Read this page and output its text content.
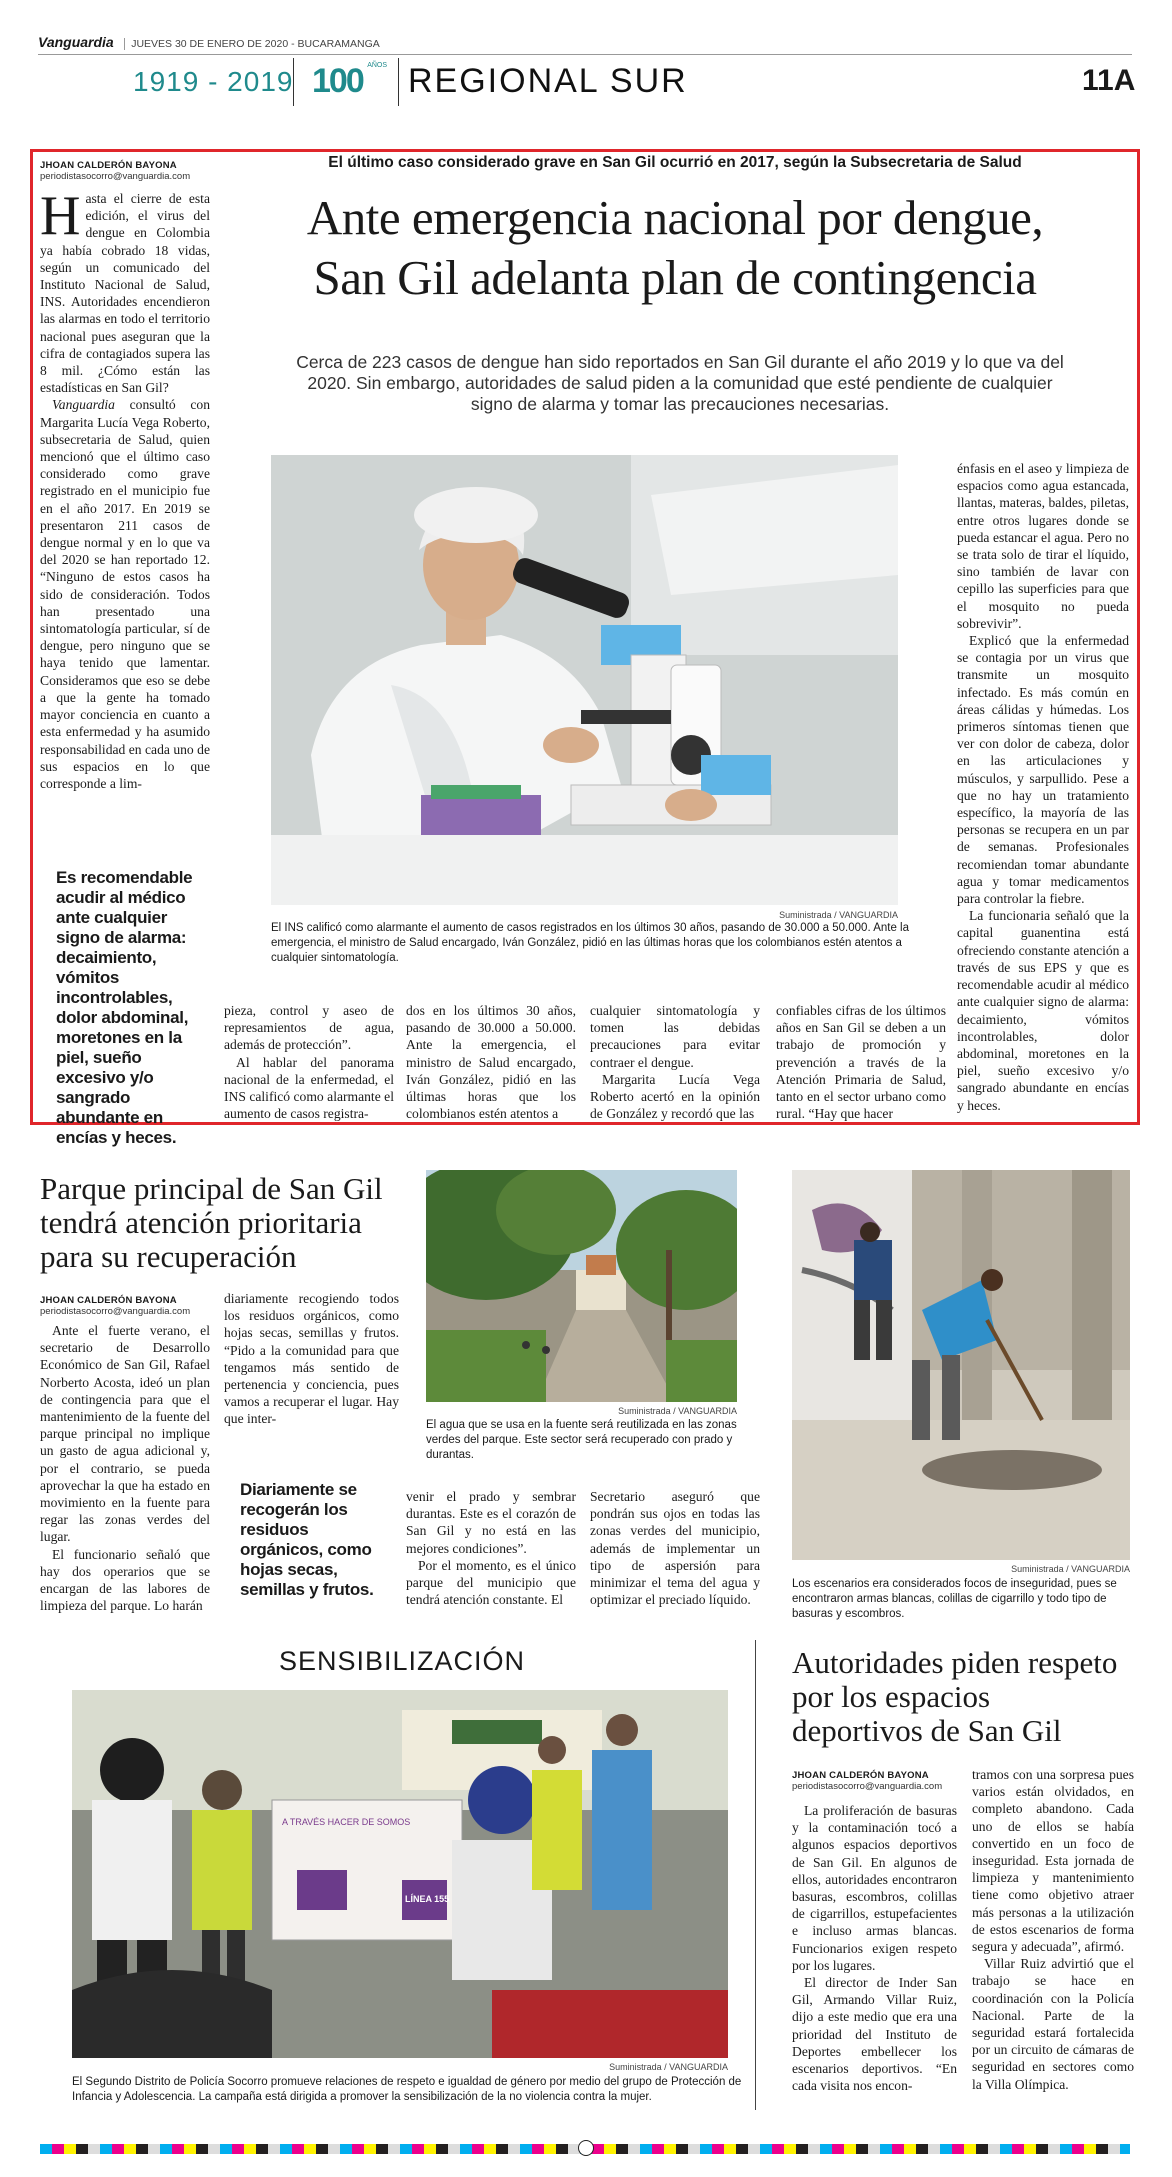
Vanguardia JUEVES 30 DE ENERO DE 2020 - BUCARAMANGA
1919 - 2019 100 $^{AÑOS}$ REGIONAL SUR	11A
JHOAN CALDERÓN BAYONA
periodistasocorro@vanguardia.com
El último caso considerado grave en San Gil ocurrió en 2017, según la Subsecretaria de Salud
Ante emergencia nacional por dengue,
San Gil adelanta plan de contingencia
Cerca de 223 casos de dengue han sido reportados en San Gil durante el año 2019 y lo que va del 2020. Sin embargo, autoridades de salud piden a la comunidad que esté pendiente de cualquier signo de alarma y tomar las precauciones necesarias.

Hasta el cierre de esta edición, el virus del dengue en Colombia ya había cobrado 18 vidas, según un comunicado del Instituto Nacional de Salud, INS. Autoridades encendieron las alarmas en todo el territorio nacional pues aseguran que la cifra de contagiados supera las 8 mil. ¿Cómo están las estadísticas en San Gil?

Vanguardia consultó con Margarita Lucía Vega Roberto, subsecretaria de Salud, quien mencionó que el último caso considerado como grave registrado en el municipio fue en el año 2017. En 2019 se presentaron 211 casos de dengue normal y en lo que va del 2020 se han reportado 12. “Ninguno de estos casos ha sido de consideración. Todos han presentado una sintomatología particular, sí de dengue, pero ninguno que se haya tenido que lamentar. Consideramos que eso se debe a que la gente ha tomado mayor conciencia en cuanto a esta enfermedad y ha asumido responsabilidad en cada uno de sus espacios en lo que corresponde a lim-

Es recomendable acudir al médico ante cualquier signo de alarma: decaimiento, vómitos incontrolables, dolor abdominal, moretones en la piel, sueño excesivo y/o sangrado abundante en encías y heces.
Suministrada / VANGUARDIA
El INS calificó como alarmante el aumento de casos registrados en los últimos 30 años, pasando de 30.000 a 50.000. Ante la emergencia, el ministro de Salud encargado, Iván González, pidió en las últimas horas que los colombianos estén atentos a cualquier sintomatología.

pieza, control y aseo de represamientos de agua, además de protección”.

Al hablar del panorama nacional de la enfermedad, el INS calificó como alarmante el aumento de casos registra-

dos en los últimos 30 años, pasando de 30.000 a 50.000. Ante la emergencia, el ministro de Salud encargado, Iván González, pidió en las últimas horas que los colombianos estén atentos a

cualquier sintomatología y tomen las debidas precauciones para evitar contraer el dengue.

Margarita Lucía Vega Roberto acertó en la opinión de González y recordó que las

confiables cifras de los últimos años en San Gil se deben a un trabajo de promoción y prevención a través de la Atención Primaria de Salud, tanto en el sector urbano como rural. “Hay que hacer

énfasis en el aseo y limpieza de espacios como agua estancada, llantas, materas, baldes, piletas, entre otros lugares donde se pueda estancar el agua. Pero no se trata solo de tirar el líquido, sino también de lavar con cepillo las superficies para que el mosquito no pueda sobrevivir”.

Explicó que la enfermedad se contagia por un virus que transmite un mosquito infectado. Es más común en áreas cálidas y húmedas. Los primeros síntomas tienen que ver con dolor de cabeza, dolor en las articulaciones y músculos, y sarpullido. Pese a que no hay un tratamiento específico, la mayoría de las personas se recupera en un par de semanas. Profesionales recomiendan tomar abundante agua y tomar medicamentos para controlar la fiebre.

La funcionaria señaló que la capital guanentina está ofreciendo constante atención a través de sus EPS y que es recomendable acudir al médico ante cualquier signo de alarma: decaimiento, vómitos incontrolables, dolor abdominal, moretones en la piel, sueño excesivo y/o sangrado abundante en encías y heces.

Parque principal de San Gil tendrá atención prioritaria para su recuperación
JHOAN CALDERÓN BAYONA
periodistasocorro@vanguardia.com

Ante el fuerte verano, el secretario de Desarrollo Económico de San Gil, Rafael Norberto Acosta, ideó un plan de contingencia para que el mantenimiento de la fuente del parque principal no implique un gasto de agua adicional y, por el contrario, se pueda aprovechar la que ha estado en movimiento en la fuente para regar las zonas verdes del lugar.

El funcionario señaló que hay dos operarios que se encargan de las labores de limpieza del parque. Lo harán

diariamente recogiendo todos los residuos orgánicos, como hojas secas, semillas y frutos. “Pido a la comunidad para que tengamos más sentido de pertenencia y conciencia, pues vamos a recuperar el lugar. Hay que inter-

Diariamente se recogerán los residuos orgánicos, como hojas secas, semillas y frutos.

venir el prado y sembrar durantas. Este es el corazón de San Gil y no está en las mejores condiciones”.

Por el momento, es el único parque del municipio que tendrá atención constante. El

Secretario aseguró que pondrán sus ojos en todas las zonas verdes del municipio, además de implementar un tipo de aspersión para minimizar el tema del agua y optimizar el preciado líquido.

Suministrada / VANGUARDIA
El agua que se usa en la fuente será reutilizada en las zonas verdes del parque. Este sector será recuperado con prado y durantas.
Suministrada / VANGUARDIA
Los escenarios era considerados focos de inseguridad, pues se encontraron armas blancas, colillas de cigarrillo y todo tipo de basuras y escombros.
SENSIBILIZACIÓN
A TRAVÉS HACER DE SOMOS
LÍNEA 155
Suministrada / VANGUARDIA
El Segundo Distrito de Policía Socorro promueve relaciones de respeto e igualdad de género por medio del grupo de Protección de Infancia y Adolescencia. La campaña está dirigida a promover la sensibilización de la no violencia contra la mujer.
Autoridades piden respeto por los espacios deportivos de San Gil
JHOAN CALDERÓN BAYONA
periodistasocorro@vanguardia.com

La proliferación de basuras y la contaminación tocó a algunos espacios deportivos de San Gil. En algunos de ellos, autoridades encontraron basuras, escombros, colillas de cigarrillos, estupefacientes e incluso armas blancas. Funcionarios exigen respeto por los lugares.

El director de Inder San Gil, Armando Villar Ruiz, dijo a este medio que era una prioridad del Instituto de Deportes embellecer los escenarios deportivos. “En cada visita nos encon-

tramos con una sorpresa pues varios están olvidados, en completo abandono. Cada uno de ellos se había convertido en un foco de inseguridad. Esta jornada de limpieza y mantenimiento tiene como objetivo atraer más personas a la utilización de estos escenarios de forma segura y adecuada”, afirmó.

Villar Ruiz advirtió que el trabajo se hace en coordinación con la Policía Nacional. Parte de la seguridad estará fortalecida por un circuito de cámaras de seguridad en sectores como la Villa Olímpica.
